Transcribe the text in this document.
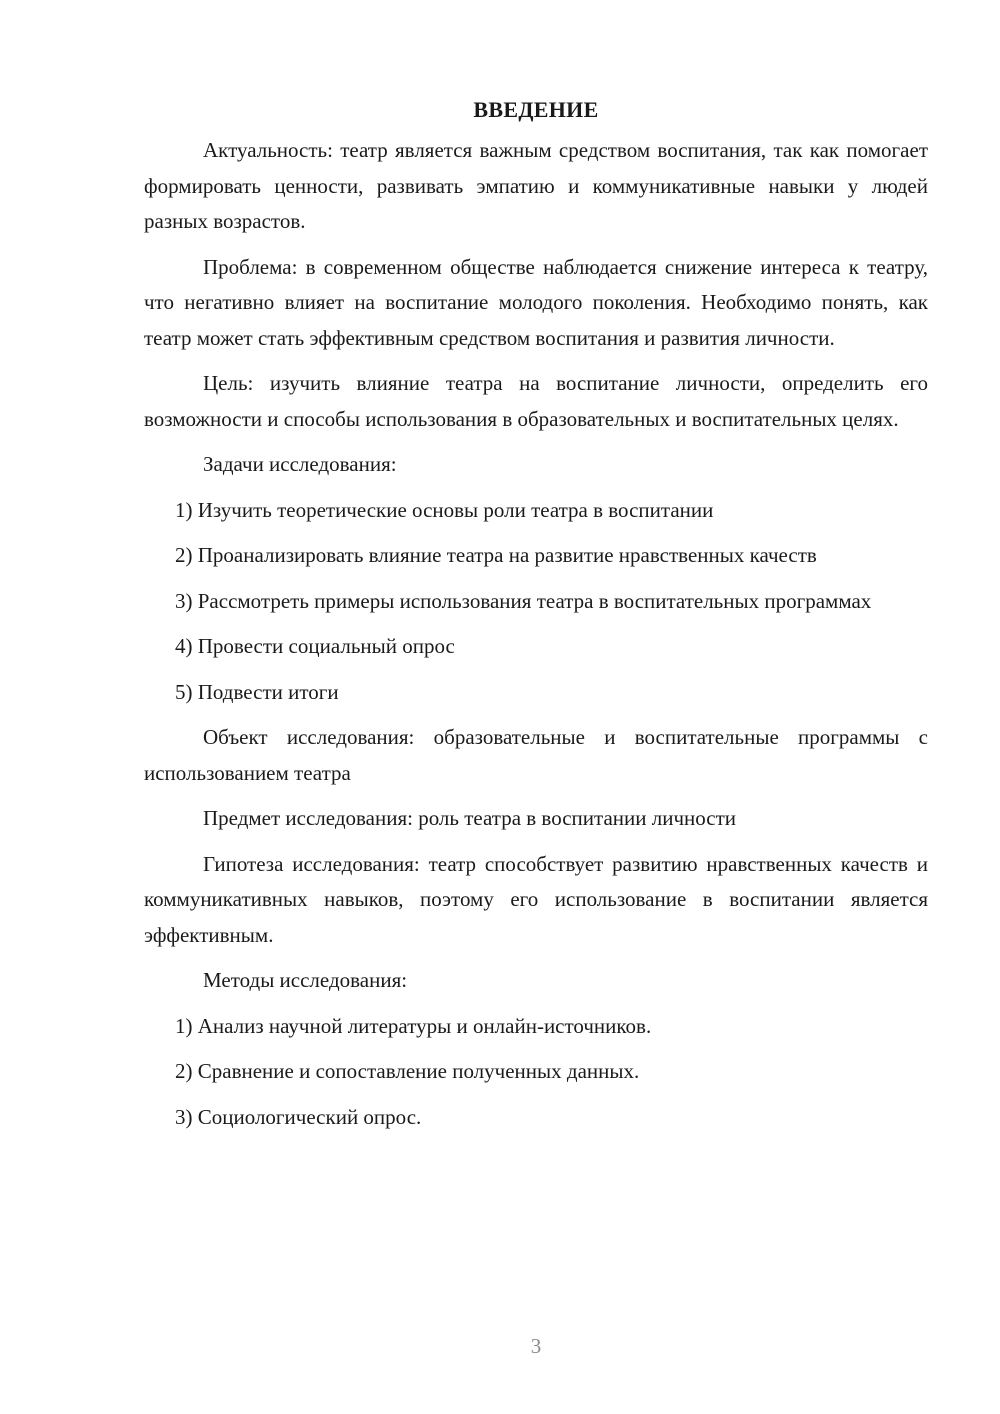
ВВЕДЕНИЕ

Актуальность: театр является важным средством воспитания, так как помогает формировать ценности, развивать эмпатию и коммуникативные навыки у людей разных возрастов.

Проблема: в современном обществе наблюдается снижение интереса к театру, что негативно влияет на воспитание молодого поколения. Необходимо понять, как театр может стать эффективным средством воспитания и развития личности.

Цель: изучить влияние театра на воспитание личности, определить его возможности и способы использования в образовательных и воспитательных целях.

Задачи исследования:

1) Изучить теоретические основы роли театра в воспитании

2) Проанализировать влияние театра на развитие нравственных качеств

3) Рассмотреть примеры использования театра в воспитательных программах

4) Провести социальный опрос

5) Подвести итоги

Объект исследования: образовательные и воспитательные программы с использованием театра

Предмет исследования: роль театра в воспитании личности

Гипотеза исследования: театр способствует развитию нравственных качеств и коммуникативных навыков, поэтому его использование в воспитании является эффективным.

Методы исследования:

1) Анализ научной литературы и онлайн-источников.

2) Сравнение и сопоставление полученных данных.

3) Социологический опрос.

3
